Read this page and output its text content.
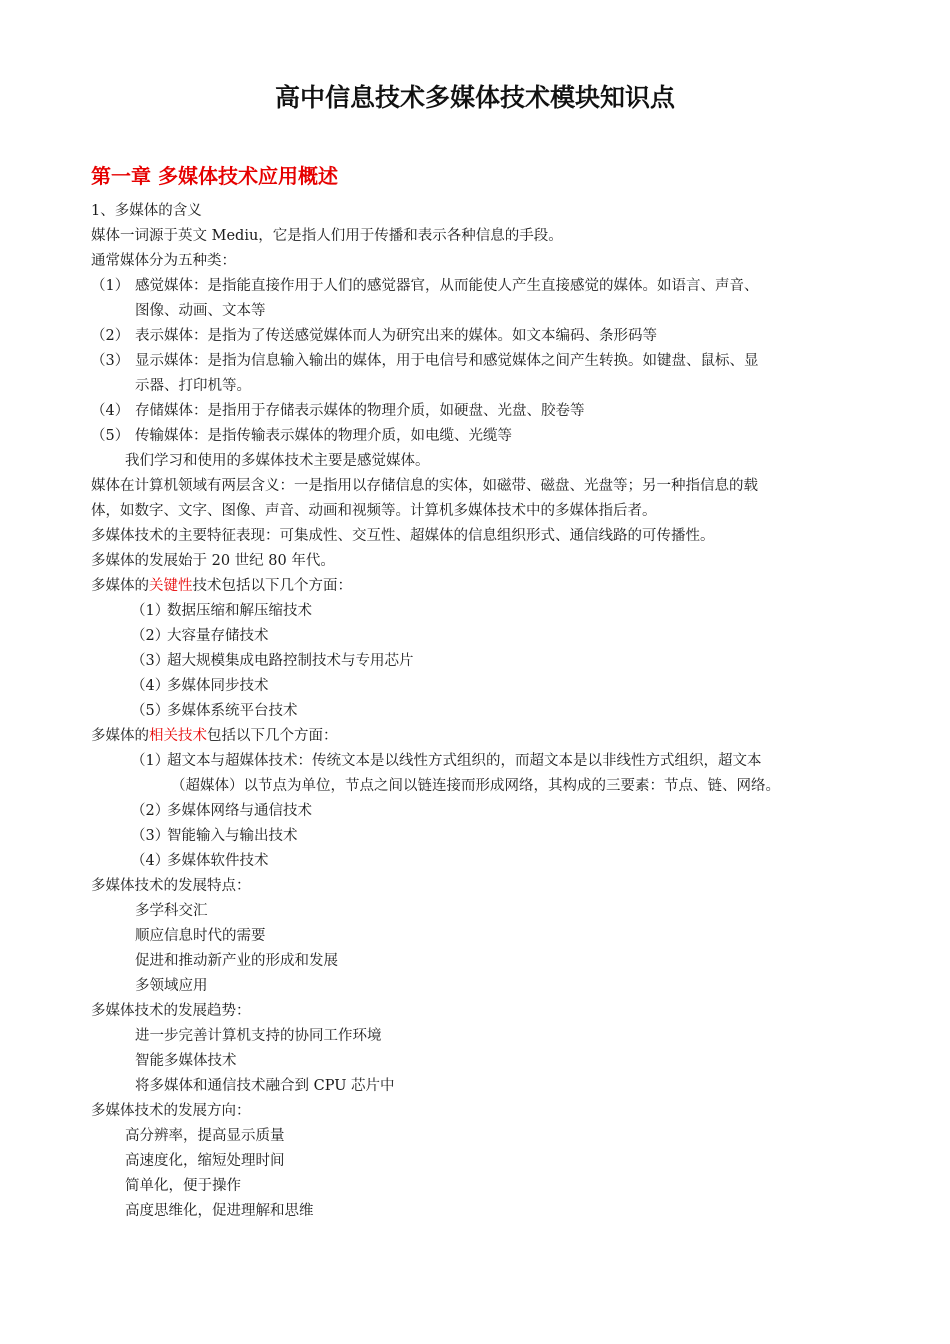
高中信息技术多媒体技术模块知识点
第一章 多媒体技术应用概述
1、多媒体的含义
媒体一词源于英文 Mediu，它是指人们用于传播和表示各种信息的手段。
通常媒体分为五种类：
（1） 感觉媒体：是指能直接作用于人们的感觉器官，从而能使人产生直接感觉的媒体。如语言、声音、
图像、动画、文本等
（2） 表示媒体：是指为了传送感觉媒体而人为研究出来的媒体。如文本编码、条形码等
（3） 显示媒体：是指为信息输入输出的媒体，用于电信号和感觉媒体之间产生转换。如键盘、鼠标、显
示器、打印机等。
（4） 存储媒体：是指用于存储表示媒体的物理介质，如硬盘、光盘、胶卷等
（5） 传输媒体：是指传输表示媒体的物理介质，如电缆、光缆等
我们学习和使用的多媒体技术主要是感觉媒体。
媒体在计算机领域有两层含义：一是指用以存储信息的实体，如磁带、磁盘、光盘等；另一种指信息的载
体，如数字、文字、图像、声音、动画和视频等。计算机多媒体技术中的多媒体指后者。
多媒体技术的主要特征表现：可集成性、交互性、超媒体的信息组织形式、通信线路的可传播性。
多媒体的发展始于 20 世纪 80 年代。
多媒体的关键性技术包括以下几个方面：
（1）数据压缩和解压缩技术
（2）大容量存储技术
（3）超大规模集成电路控制技术与专用芯片
（4）多媒体同步技术
（5）多媒体系统平台技术
多媒体的相关技术包括以下几个方面：
（1）超文本与超媒体技术：传统文本是以线性方式组织的，而超文本是以非线性方式组织，超文本
（超媒体）以节点为单位，节点之间以链连接而形成网络，其构成的三要素：节点、链、网络。
（2）多媒体网络与通信技术
（3）智能输入与输出技术
（4）多媒体软件技术
多媒体技术的发展特点：
多学科交汇
顺应信息时代的需要
促进和推动新产业的形成和发展
多领域应用
多媒体技术的发展趋势：
进一步完善计算机支持的协同工作环境
智能多媒体技术
将多媒体和通信技术融合到 CPU 芯片中
多媒体技术的发展方向：
高分辨率，提高显示质量
高速度化，缩短处理时间
简单化，便于操作
高度思维化，促进理解和思维
